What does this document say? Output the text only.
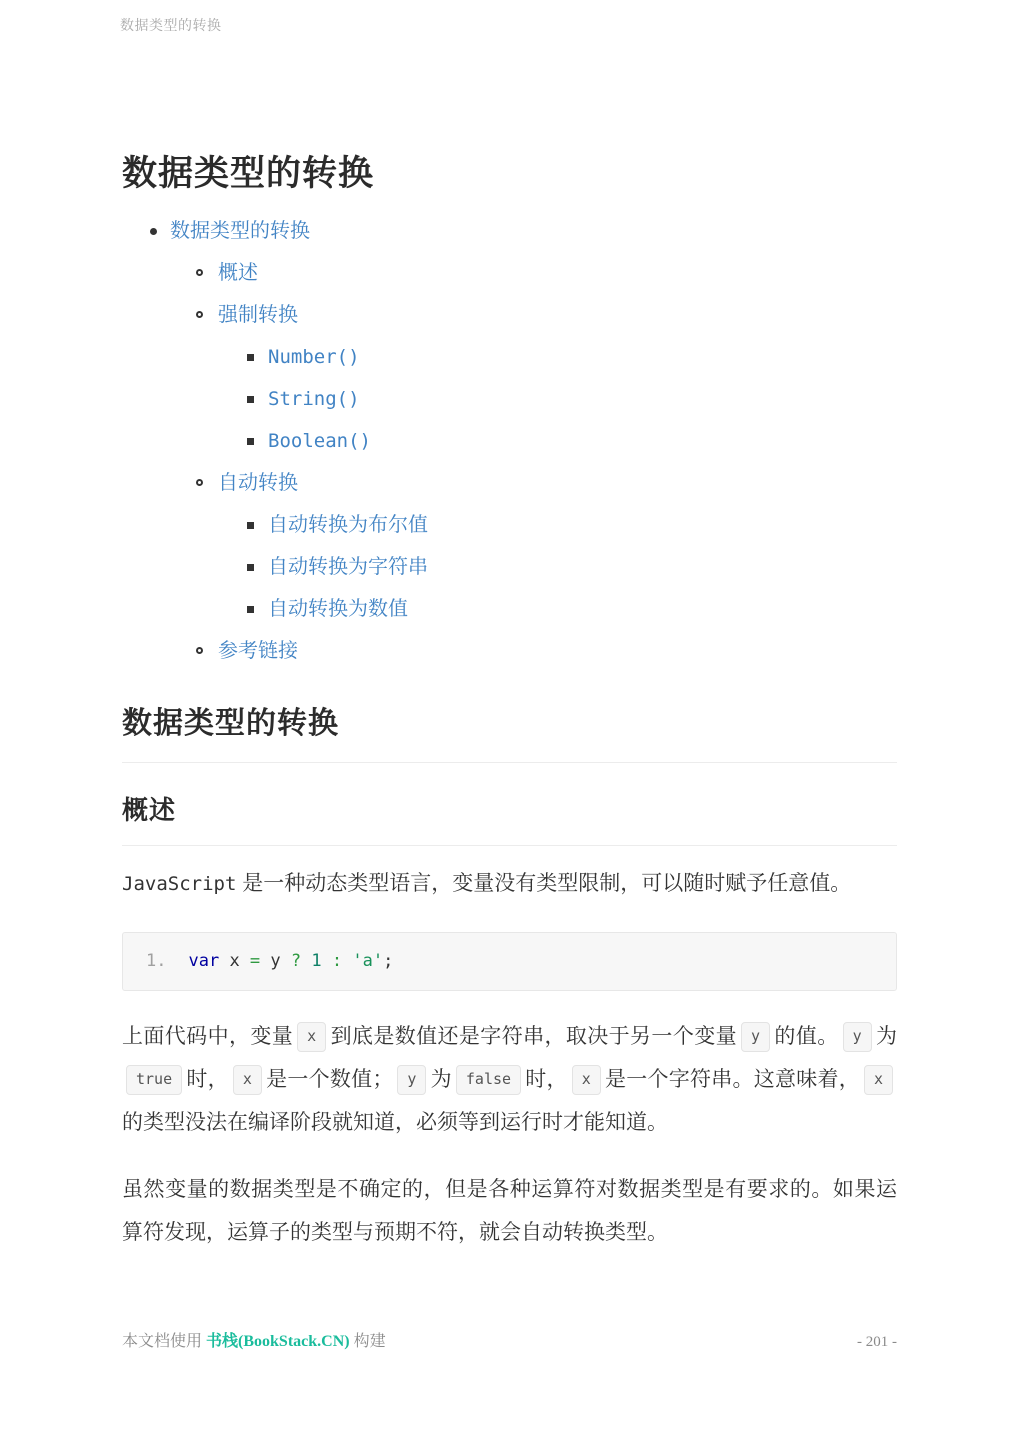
数据类型的转换
数据类型的转换
数据类型的转换
概述
强制转换
Number()
String()
Boolean()
自动转换
自动转换为布尔值
自动转换为字符串
自动转换为数值
参考链接
数据类型的转换
概述

JavaScript 是一种动态类型语言，变量没有类型限制，可以随时赋予任意值。

1. var x = y ? 1 : 'a';

上面代码中，变量 x 到底是数值还是字符串，取决于另一个变量 y 的值。 y 为true 时， x 是一个数值； y 为 false 时， x 是一个字符串。这意味着， x的类型没法在编译阶段就知道，必须等到运行时才能知道。

虽然变量的数据类型是不确定的，但是各种运算符对数据类型是有要求的。如果运算符发现，运算子的类型与预期不符，就会自动转换类型。

本文档使用 书栈(BookStack.CN) 构建	- 201 -
